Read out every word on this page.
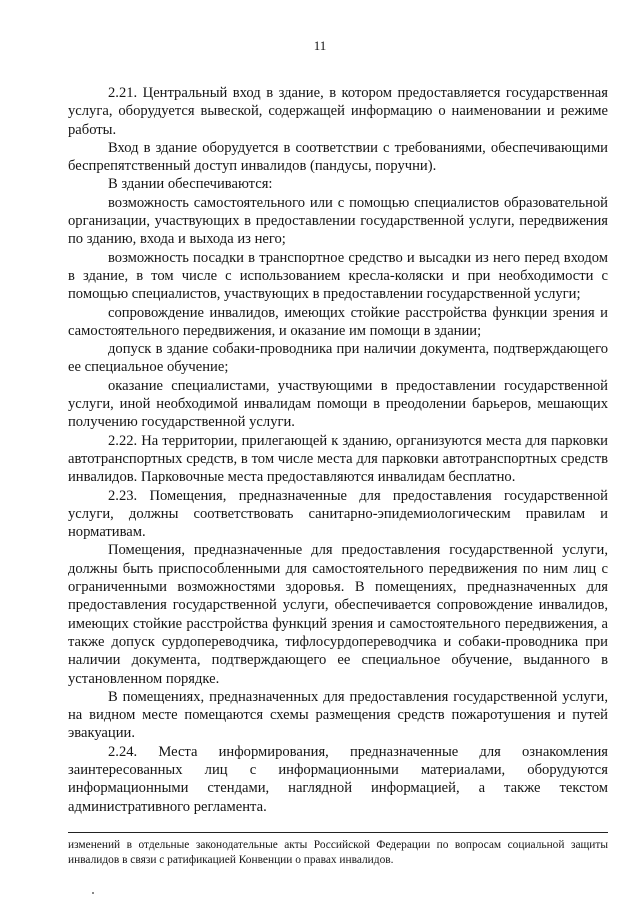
11

2.21. Центральный вход в здание, в котором предоставляется государственная услуга, оборудуется вывеской, содержащей информацию о наименовании и режиме работы.

Вход в здание оборудуется в соответствии с требованиями, обеспечивающими беспрепятственный доступ инвалидов (пандусы, поручни).

В здании обеспечиваются:

возможность самостоятельного или с помощью специалистов образовательной организации, участвующих в предоставлении государственной услуги, передвижения по зданию, входа и выхода из него;

возможность посадки в транспортное средство и высадки из него перед входом в здание, в том числе с использованием кресла-коляски и при необходимости с помощью специалистов, участвующих в предоставлении государственной услуги;

сопровождение инвалидов, имеющих стойкие расстройства функции зрения и самостоятельного передвижения, и оказание им помощи в здании;

допуск в здание собаки-проводника при наличии документа, подтверждающего ее специальное обучение;

оказание специалистами, участвующими в предоставлении государственной услуги, иной необходимой инвалидам помощи в преодолении барьеров, мешающих получению государственной услуги.

2.22. На территории, прилегающей к зданию, организуются места для парковки автотранспортных средств, в том числе места для парковки автотранспортных средств инвалидов. Парковочные места предоставляются инвалидам бесплатно.

2.23. Помещения, предназначенные для предоставления государственной услуги, должны соответствовать санитарно-эпидемиологическим правилам и нормативам.

Помещения, предназначенные для предоставления государственной услуги, должны быть приспособленными для самостоятельного передвижения по ним лиц с ограниченными возможностями здоровья. В помещениях, предназначенных для предоставления государственной услуги, обеспечивается сопровождение инвалидов, имеющих стойкие расстройства функций зрения и самостоятельного передвижения, а также допуск сурдопереводчика, тифлосурдопереводчика и собаки-проводника при наличии документа, подтверждающего ее специальное обучение, выданного в установленном порядке.

В помещениях, предназначенных для предоставления государственной услуги, на видном месте помещаются схемы размещения средств пожаротушения и путей эвакуации.

2.24. Места информирования, предназначенные для ознакомления заинтересованных лиц с информационными материалами, оборудуются информационными стендами, наглядной информацией, а также текстом административного регламента.

изменений в отдельные законодательные акты Российской Федерации по вопросам социальной защиты инвалидов в связи с ратификацией Конвенции о правах инвалидов.
